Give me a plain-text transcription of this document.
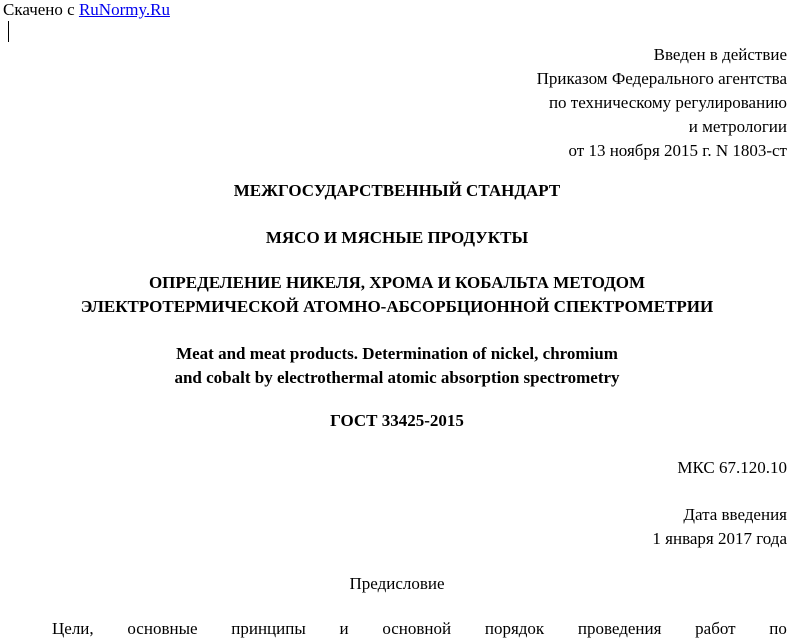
Скачено с RuNormy.Ru
Введен в действие
Приказом Федерального агентства
по техническому регулированию
и метрологии
от 13 ноября 2015 г. N 1803-ст
МЕЖГОСУДАРСТВЕННЫЙ СТАНДАРТ
МЯСО И МЯСНЫЕ ПРОДУКТЫ
ОПРЕДЕЛЕНИЕ НИКЕЛЯ, ХРОМА И КОБАЛЬТА МЕТОДОМ
ЭЛЕКТРОТЕРМИЧЕСКОЙ АТОМНО-АБСОРБЦИОННОЙ СПЕКТРОМЕТРИИ
Meat and meat products. Determination of nickel, chromium
and cobalt by electrothermal atomic absorption spectrometry
ГОСТ 33425-2015
МКС 67.120.10
Дата введения
1 января 2017 года
Предисловие
Цели, основные принципы и основной порядок проведения работ по
